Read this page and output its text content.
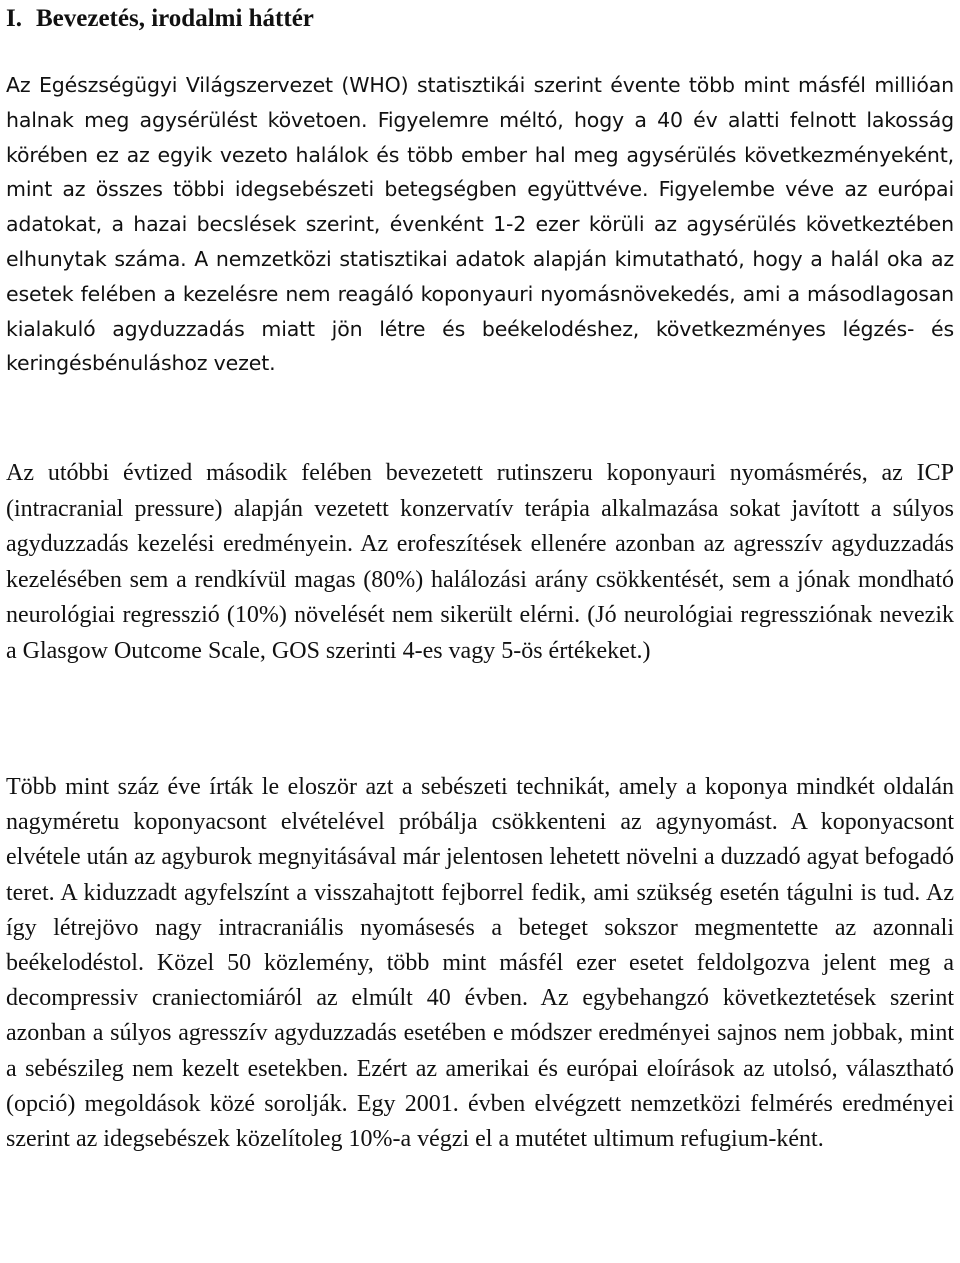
I. Bevezetés, irodalmi háttér

Az Egészségügyi Világszervezet (WHO) statisztikái szerint évente több mint másfél millióan halnak meg agysérülést követoen. Figyelemre méltó, hogy a 40 év alatti felnott lakosság körében ez az egyik vezeto halálok és több ember hal meg agysérülés következményeként, mint az összes többi idegsebészeti betegségben együttvéve. Figyelembe véve az európai adatokat, a hazai becslések szerint, évenként 1-2 ezer körüli az agysérülés következtében elhunytak száma. A nemzetközi statisztikai adatok alapján kimutatható, hogy a halál oka az esetek felében a kezelésre nem reagáló koponyauri nyomásnövekedés, ami a másodlagosan kialakuló agyduzzadás miatt jön létre és beékelodéshez, következményes légzés- és keringésbénuláshoz vezet.

Az utóbbi évtized második felében bevezetett rutinszeru koponyauri nyomásmérés, az ICP (intracranial pressure) alapján vezetett konzervatív terápia alkalmazása sokat javított a súlyos agyduzzadás kezelési eredményein. Az erofeszítések ellenére azonban az agresszív agyduzzadás kezelésében sem a rendkívül magas (80%) halálozási arány csökkentését, sem a jónak mondható neurológiai regresszió (10%) növelését nem sikerült elérni. (Jó neurológiai regressziónak nevezik a Glasgow Outcome Scale, GOS szerinti 4-es vagy 5-ös értékeket.)

Több mint száz éve írták le eloször azt a sebészeti technikát, amely a koponya mindkét oldalán nagyméretu koponyacsont elvételével próbálja csökkenteni az agynyomást. A koponyacsont elvétele után az agyburok megnyitásával már jelentosen lehetett növelni a duzzadó agyat befogadó teret. A kiduzzadt agyfelszínt a visszahajtott fejborrel fedik, ami szükség esetén tágulni is tud. Az így létrejövo nagy intracraniális nyomásesés a beteget sokszor megmentette az azonnali beékelodéstol. Közel 50 közlemény, több mint másfél ezer esetet feldolgozva jelent meg a decompressiv craniectomiáról az elmúlt 40 évben. Az egybehangzó következtetések szerint azonban a súlyos agresszív agyduzzadás esetében e módszer eredményei sajnos nem jobbak, mint a sebészileg nem kezelt esetekben. Ezért az amerikai és európai eloírások az utolsó, választható (opció) megoldások közé sorolják. Egy 2001. évben elvégzett nemzetközi felmérés eredményei szerint az idegsebészek közelítoleg 10%-a végzi el a mutétet ultimum refugium-ként.
